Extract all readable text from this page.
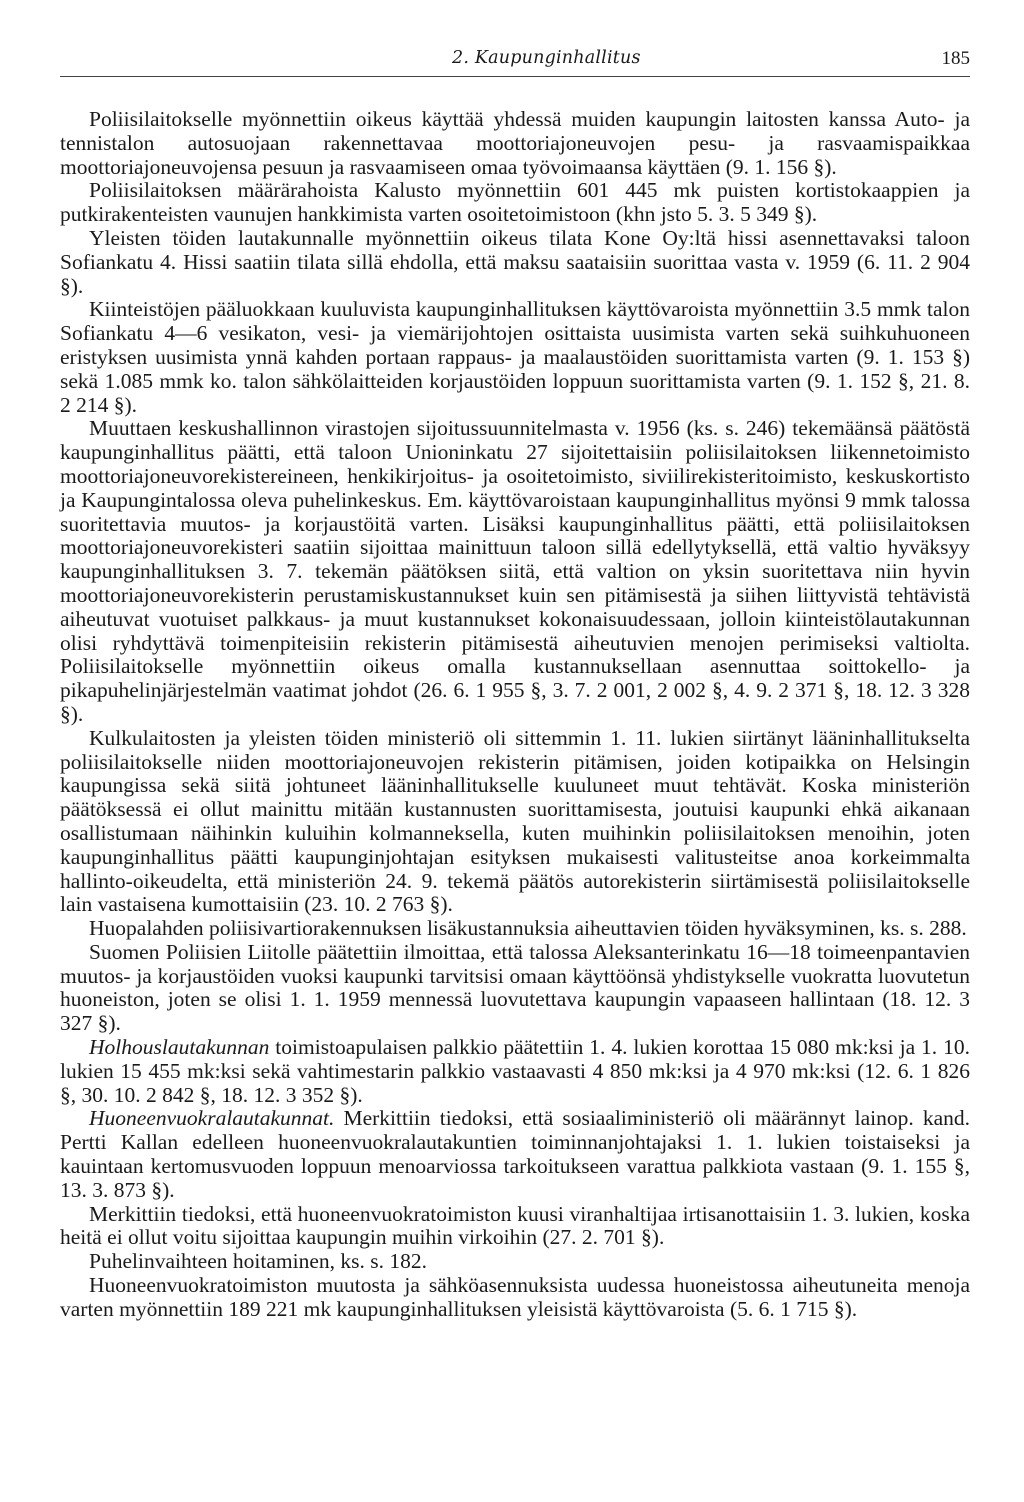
2. Kaupunginhallitus	185

Poliisilaitokselle myönnettiin oikeus käyttää yhdessä muiden kaupungin laitosten kanssa Auto- ja tennistalon autosuojaan rakennettavaa moottoriajoneuvojen pesu- ja rasvaamispaikkaa moottoriajoneuvojensa pesuun ja rasvaamiseen omaa työvoimaansa käyttäen (9. 1. 156 §).

Poliisilaitoksen määrärahoista Kalusto myönnettiin 601 445 mk puisten kortistokaappien ja putkirakenteisten vaunujen hankkimista varten osoitetoimistoon (khn jsto 5. 3. 5 349 §).

Yleisten töiden lautakunnalle myönnettiin oikeus tilata Kone Oy:ltä hissi asennettavaksi taloon Sofiankatu 4. Hissi saatiin tilata sillä ehdolla, että maksu saataisiin suorittaa vasta v. 1959 (6. 11. 2 904 §).

Kiinteistöjen pääluokkaan kuuluvista kaupunginhallituksen käyttövaroista myönnettiin 3.5 mmk talon Sofiankatu 4—6 vesikaton, vesi- ja viemärijohtojen osittaista uusimista varten sekä suihkuhuoneen eristyksen uusimista ynnä kahden portaan rappaus- ja maalaustöiden suorittamista varten (9. 1. 153 §) sekä 1.085 mmk ko. talon sähkölaitteiden korjaustöiden loppuun suorittamista varten (9. 1. 152 §, 21. 8. 2 214 §).

Muuttaen keskushallinnon virastojen sijoitussuunnitelmasta v. 1956 (ks. s. 246) tekemäänsä päätöstä kaupunginhallitus päätti, että taloon Unioninkatu 27 sijoitettaisiin poliisilaitoksen liikennetoimisto moottoriajoneuvorekistereineen, henkikirjoitus- ja osoitetoimisto, siviilirekisteritoimisto, keskuskortisto ja Kaupungintalossa oleva puhelinkeskus. Em. käyttövaroistaan kaupunginhallitus myönsi 9 mmk talossa suoritettavia muutos- ja korjaustöitä varten. Lisäksi kaupunginhallitus päätti, että poliisilaitoksen moottoriajoneuvorekisteri saatiin sijoittaa mainittuun taloon sillä edellytyksellä, että valtio hyväksyy kaupunginhallituksen 3. 7. tekemän päätöksen siitä, että valtion on yksin suoritettava niin hyvin moottoriajoneuvorekisterin perustamiskustannukset kuin sen pitämisestä ja siihen liittyvistä tehtävistä aiheutuvat vuotuiset palkkaus- ja muut kustannukset kokonaisuudessaan, jolloin kiinteistölautakunnan olisi ryhdyttävä toimenpiteisiin rekisterin pitämisestä aiheutuvien menojen perimiseksi valtiolta. Poliisilaitokselle myönnettiin oikeus omalla kustannuksellaan asennuttaa soittokello- ja pikapuhelinjärjestelmän vaatimat johdot (26. 6. 1 955 §, 3. 7. 2 001, 2 002 §, 4. 9. 2 371 §, 18. 12. 3 328 §).

Kulkulaitosten ja yleisten töiden ministeriö oli sittemmin 1. 11. lukien siirtänyt lääninhallitukselta poliisilaitokselle niiden moottoriajoneuvojen rekisterin pitämisen, joiden kotipaikka on Helsingin kaupungissa sekä siitä johtuneet lääninhallitukselle kuuluneet muut tehtävät. Koska ministeriön päätöksessä ei ollut mainittu mitään kustannusten suorittamisesta, joutuisi kaupunki ehkä aikanaan osallistumaan näihinkin kuluihin kolmanneksella, kuten muihinkin poliisilaitoksen menoihin, joten kaupunginhallitus päätti kaupunginjohtajan esityksen mukaisesti valitusteitse anoa korkeimmalta hallinto-oikeudelta, että ministeriön 24. 9. tekemä päätös autorekisterin siirtämisestä poliisilaitokselle lain vastaisena kumottaisiin (23. 10. 2 763 §).

Huopalahden poliisivartiorakennuksen lisäkustannuksia aiheuttavien töiden hyväksyminen, ks. s. 288.

Suomen Poliisien Liitolle päätettiin ilmoittaa, että talossa Aleksanterinkatu 16—18 toimeenpantavien muutos- ja korjaustöiden vuoksi kaupunki tarvitsisi omaan käyttöönsä yhdistykselle vuokratta luovutetun huoneiston, joten se olisi 1. 1. 1959 mennessä luovutettava kaupungin vapaaseen hallintaan (18. 12. 3 327 §).

Holhouslautakunnan toimistoapulaisen palkkio päätettiin 1. 4. lukien korottaa 15 080 mk:ksi ja 1. 10. lukien 15 455 mk:ksi sekä vahtimestarin palkkio vastaavasti 4 850 mk:ksi ja 4 970 mk:ksi (12. 6. 1 826 §, 30. 10. 2 842 §, 18. 12. 3 352 §).

Huoneenvuokralautakunnat. Merkittiin tiedoksi, että sosiaaliministeriö oli määrännyt lainop. kand. Pertti Kallan edelleen huoneenvuokralautakuntien toiminnanjohtajaksi 1. 1. lukien toistaiseksi ja kauintaan kertomusvuoden loppuun menoarviossa tarkoitukseen varattua palkkiota vastaan (9. 1. 155 §, 13. 3. 873 §).

Merkittiin tiedoksi, että huoneenvuokratoimiston kuusi viranhaltijaa irtisanottaisiin 1. 3. lukien, koska heitä ei ollut voitu sijoittaa kaupungin muihin virkoihin (27. 2. 701 §).

Puhelinvaihteen hoitaminen, ks. s. 182.

Huoneenvuokratoimiston muutosta ja sähköasennuksista uudessa huoneistossa aiheutuneita menoja varten myönnettiin 189 221 mk kaupunginhallituksen yleisistä käyttövaroista (5. 6. 1 715 §).
